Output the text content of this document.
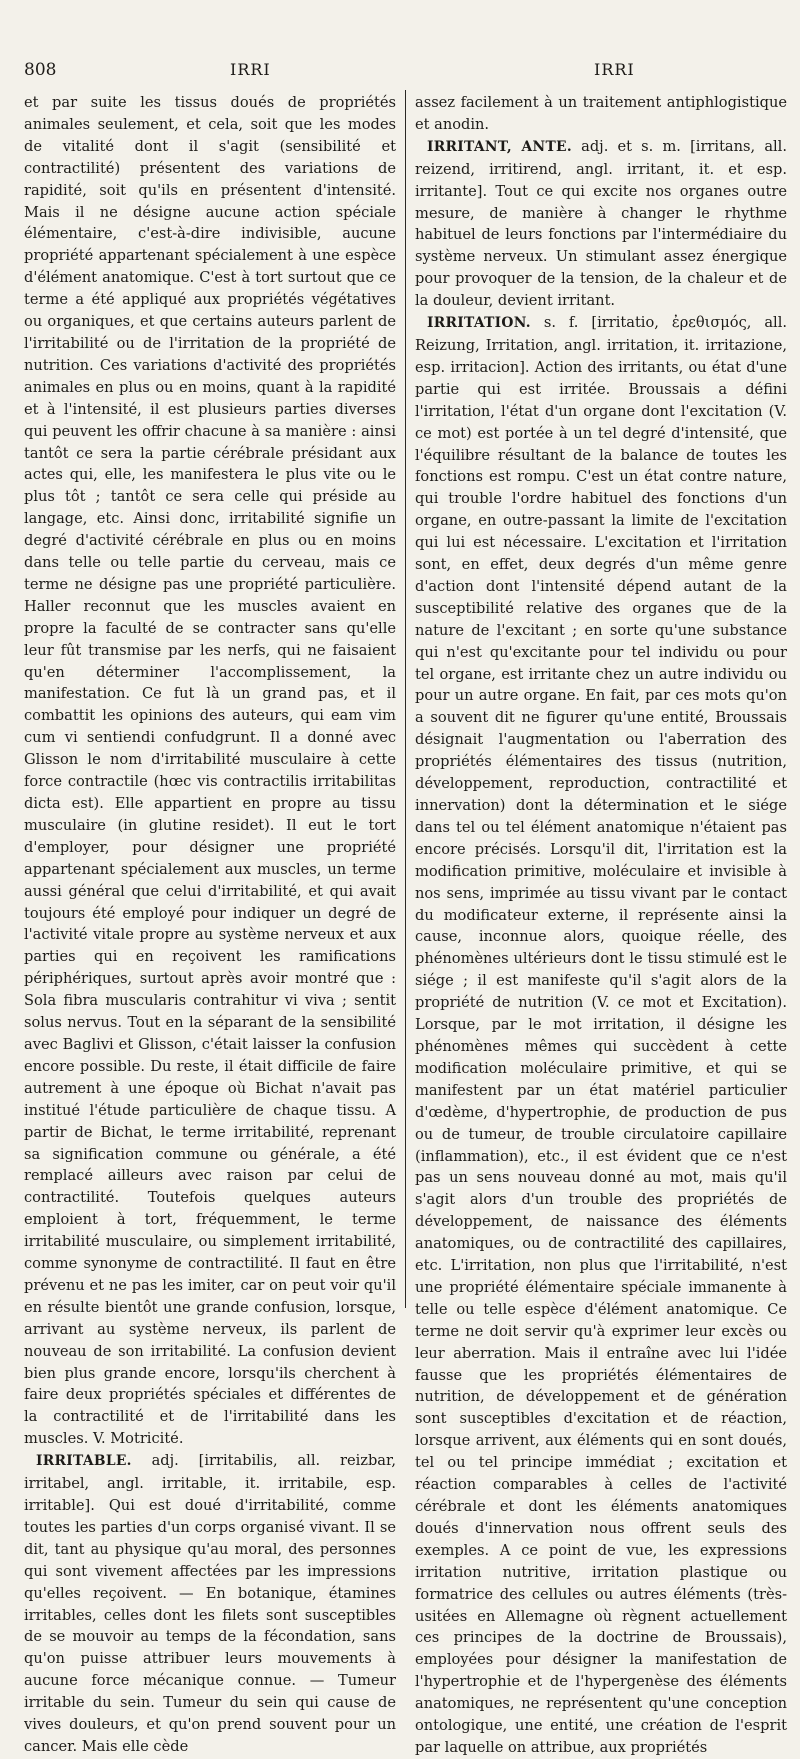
808	IRRI	IRRI

et par suite les tissus doués de propriétés animales seulement, et cela, soit que les modes de vitalité dont il s'agit (sensibilité et contractilité) présentent des variations de rapidité, soit qu'ils en présentent d'intensité. Mais il ne désigne aucune action spéciale élémentaire, c'est-à-dire indivisible, aucune propriété appartenant spécialement à une espèce d'élément anatomique. C'est à tort surtout que ce terme a été appliqué aux propriétés végétatives ou organiques, et que certains auteurs parlent de l'irritabilité ou de l'irritation de la propriété de nutrition. Ces variations d'activité des propriétés animales en plus ou en moins, quant à la rapidité et à l'intensité, il est plusieurs parties diverses qui peuvent les offrir chacune à sa manière : ainsi tantôt ce sera la partie cérébrale présidant aux actes qui, elle, les manifestera le plus vite ou le plus tôt ; tantôt ce sera celle qui préside au langage, etc. Ainsi donc, irritabilité signifie un degré d'activité cérébrale en plus ou en moins dans telle ou telle partie du cerveau, mais ce terme ne désigne pas une propriété particulière. Haller reconnut que les muscles avaient en propre la faculté de se contracter sans qu'elle leur fût transmise par les nerfs, qui ne faisaient qu'en déterminer l'accomplissement, la manifestation. Ce fut là un grand pas, et il combattit les opinions des auteurs, qui eam vim cum vi sentiendi confudgrunt. Il a donné avec Glisson le nom d'irritabilité musculaire à cette force contractile (hœc vis contractilis irritabilitas dicta est). Elle appartient en propre au tissu musculaire (in glutine residet). Il eut le tort d'employer, pour désigner une propriété appartenant spécialement aux muscles, un terme aussi général que celui d'irritabilité, et qui avait toujours été employé pour indiquer un degré de l'activité vitale propre au système nerveux et aux parties qui en reçoivent les ramifications périphériques, surtout après avoir montré que : Sola fibra muscularis contrahitur vi viva ; sentit solus nervus. Tout en la séparant de la sensibilité avec Baglivi et Glisson, c'était laisser la confusion encore possible. Du reste, il était difficile de faire autrement à une époque où Bichat n'avait pas institué l'étude particulière de chaque tissu. A partir de Bichat, le terme irritabilité, reprenant sa signification commune ou générale, a été remplacé ailleurs avec raison par celui de contractilité. Toutefois quelques auteurs emploient à tort, fréquemment, le terme irritabilité musculaire, ou simplement irritabilité, comme synonyme de contractilité. Il faut en être prévenu et ne pas les imiter, car on peut voir qu'il en résulte bientôt une grande confusion, lorsque, arrivant au système nerveux, ils parlent de nouveau de son irritabilité. La confusion devient bien plus grande encore, lorsqu'ils cherchent à faire deux propriétés spéciales et différentes de la contractilité et de l'irritabilité dans les muscles. V. Motricité.

IRRITABLE. adj. [irritabilis, all. reizbar, irritabel, angl. irritable, it. irritabile, esp. irritable]. Qui est doué d'irritabilité, comme toutes les parties d'un corps organisé vivant. Il se dit, tant au physique qu'au moral, des personnes qui sont vivement affectées par les impressions qu'elles reçoivent. — En botanique, étamines irritables, celles dont les filets sont susceptibles de se mouvoir au temps de la fécondation, sans qu'on puisse attribuer leurs mouvements à aucune force mécanique connue. — Tumeur irritable du sein. Tumeur du sein qui cause de vives douleurs, et qu'on prend souvent pour un cancer. Mais elle cède

assez facilement à un traitement antiphlogistique et anodin.

IRRITANT, ANTE. adj. et s. m. [irritans, all. reizend, irritirend, angl. irritant, it. et esp. irritante]. Tout ce qui excite nos organes outre mesure, de manière à changer le rhythme habituel de leurs fonctions par l'intermédiaire du système nerveux. Un stimulant assez énergique pour provoquer de la tension, de la chaleur et de la douleur, devient irritant.

IRRITATION. s. f. [irritatio, ἐρεθισμός, all. Reizung, Irritation, angl. irritation, it. irritazione, esp. irritacion]. Action des irritants, ou état d'une partie qui est irritée. Broussais a défini l'irritation, l'état d'un organe dont l'excitation (V. ce mot) est portée à un tel degré d'intensité, que l'équilibre résultant de la balance de toutes les fonctions est rompu. C'est un état contre nature, qui trouble l'ordre habituel des fonctions d'un organe, en outre-passant la limite de l'excitation qui lui est nécessaire. L'excitation et l'irritation sont, en effet, deux degrés d'un même genre d'action dont l'intensité dépend autant de la susceptibilité relative des organes que de la nature de l'excitant ; en sorte qu'une substance qui n'est qu'excitante pour tel individu ou pour tel organe, est irritante chez un autre individu ou pour un autre organe. En fait, par ces mots qu'on a souvent dit ne figurer qu'une entité, Broussais désignait l'augmentation ou l'aberration des propriétés élémentaires des tissus (nutrition, développement, reproduction, contractilité et innervation) dont la détermination et le siége dans tel ou tel élément anatomique n'étaient pas encore précisés. Lorsqu'il dit, l'irritation est la modification primitive, moléculaire et invisible à nos sens, imprimée au tissu vivant par le contact du modificateur externe, il représente ainsi la cause, inconnue alors, quoique réelle, des phénomènes ultérieurs dont le tissu stimulé est le siége ; il est manifeste qu'il s'agit alors de la propriété de nutrition (V. ce mot et Excitation). Lorsque, par le mot irritation, il désigne les phénomènes mêmes qui succèdent à cette modification moléculaire primitive, et qui se manifestent par un état matériel particulier d'œdème, d'hypertrophie, de production de pus ou de tumeur, de trouble circulatoire capillaire (inflammation), etc., il est évident que ce n'est pas un sens nouveau donné au mot, mais qu'il s'agit alors d'un trouble des propriétés de développement, de naissance des éléments anatomiques, ou de contractilité des capillaires, etc. L'irritation, non plus que l'irritabilité, n'est une propriété élémentaire spéciale immanente à telle ou telle espèce d'élément anatomique. Ce terme ne doit servir qu'à exprimer leur excès ou leur aberration. Mais il entraîne avec lui l'idée fausse que les propriétés élémentaires de nutrition, de développement et de génération sont susceptibles d'excitation et de réaction, lorsque arrivent, aux éléments qui en sont doués, tel ou tel principe immédiat ; excitation et réaction comparables à celles de l'activité cérébrale et dont les éléments anatomiques doués d'innervation nous offrent seuls des exemples. A ce point de vue, les expressions irritation nutritive, irritation plastique ou formatrice des cellules ou autres éléments (très-usitées en Allemagne où règnent actuellement ces principes de la doctrine de Broussais), employées pour désigner la manifestation de l'hypertrophie et de l'hypergenèse des éléments anatomiques, ne représentent qu'une conception ontologique, une entité, une création de l'esprit par laquelle on attribue, aux propriétés
